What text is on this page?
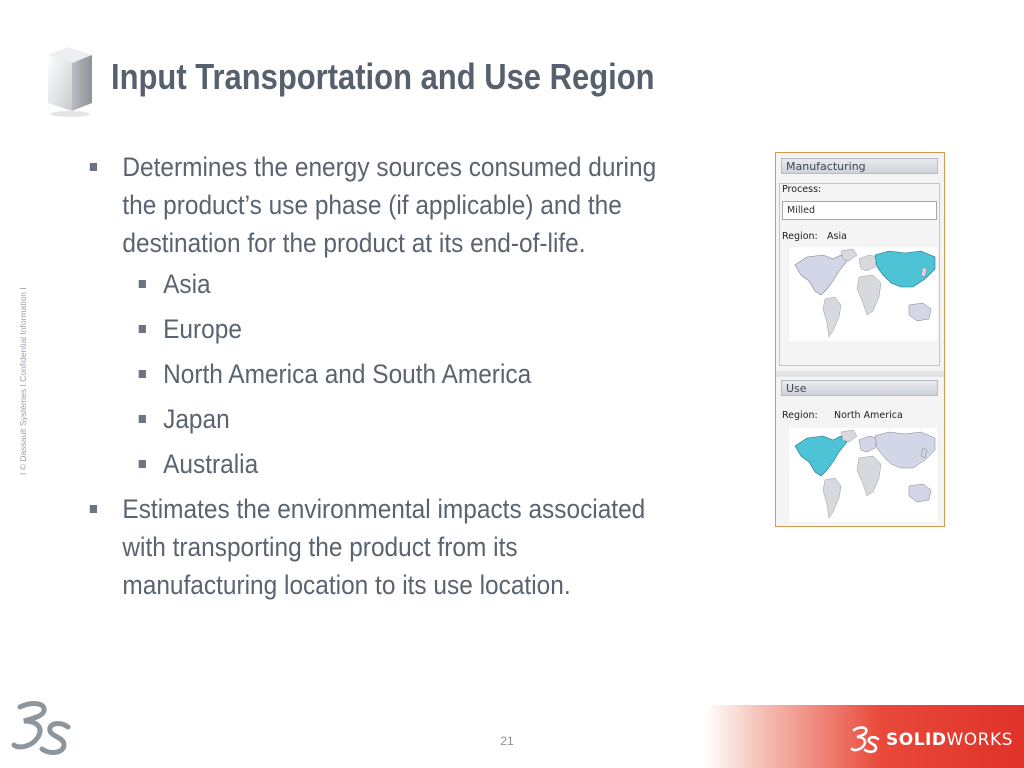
Input Transportation and Use Region
I © Dassault Systèmes I Confidential Information I
Determines the energy sources consumed during
the product’s use phase (if applicable) and the
destination for the product at its end-of-life.
Asia
Europe
North America and South America
Japan
Australia
Estimates the environmental impacts associated
with transporting the product from its
manufacturing location to its use location.
Manufacturing
Process:
Milled
Region: Asia
Use
Region: North America
21	SOLIDWORKS
